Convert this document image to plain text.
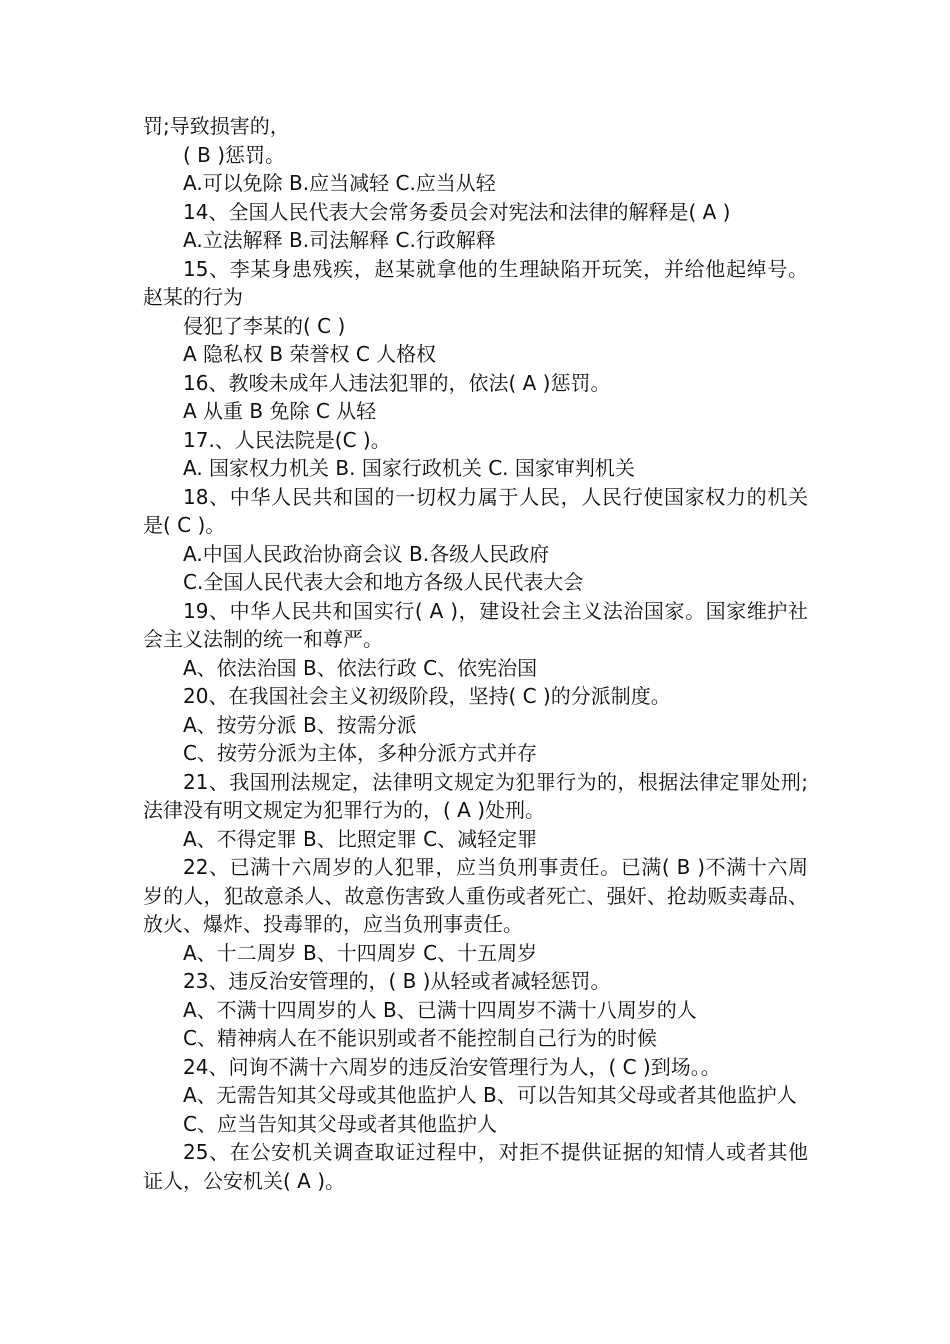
罚;导致损害的，

( B )惩罚。

A.可以免除 B.应当减轻 C.应当从轻

14、全国人民代表大会常务委员会对宪法和法律的解释是( A )

A.立法解释 B.司法解释 C.行政解释

15、李某身患残疾，赵某就拿他的生理缺陷开玩笑，并给他起绰号。赵某的行为

侵犯了李某的( C )

A 隐私权 B 荣誉权 C 人格权

16、教唆未成年人违法犯罪的，依法( A )惩罚。

A 从重 B 免除 C 从轻

17.、人民法院是(C )。

A. 国家权力机关 B. 国家行政机关 C. 国家审判机关

18、中华人民共和国的一切权力属于人民，人民行使国家权力的机关是( C )。

A.中国人民政治协商会议 B.各级人民政府

C.全国人民代表大会和地方各级人民代表大会

19、中华人民共和国实行( A )，建设社会主义法治国家。国家维护社会主义法制的统一和尊严。

A、依法治国 B、依法行政 C、依宪治国

20、在我国社会主义初级阶段，坚持( C )的分派制度。

A、按劳分派 B、按需分派

C、按劳分派为主体，多种分派方式并存

21、我国刑法规定，法律明文规定为犯罪行为的，根据法律定罪处刑;法律没有明文规定为犯罪行为的，( A )处刑。

A、不得定罪 B、比照定罪 C、减轻定罪

22、已满十六周岁的人犯罪，应当负刑事责任。已满( B )不满十六周岁的人，犯故意杀人、故意伤害致人重伤或者死亡、强奸、抢劫贩卖毒品、放火、爆炸、投毒罪的，应当负刑事责任。

A、十二周岁 B、十四周岁 C、十五周岁

23、违反治安管理的，( B )从轻或者减轻惩罚。

A、不满十四周岁的人 B、已满十四周岁不满十八周岁的人

C、精神病人在不能识别或者不能控制自己行为的时候

24、问询不满十六周岁的违反治安管理行为人，( C )到场。。

A、无需告知其父母或其他监护人 B、可以告知其父母或者其他监护人

C、应当告知其父母或者其他监护人

25、在公安机关调查取证过程中，对拒不提供证据的知情人或者其他证人，公安机关( A )。
